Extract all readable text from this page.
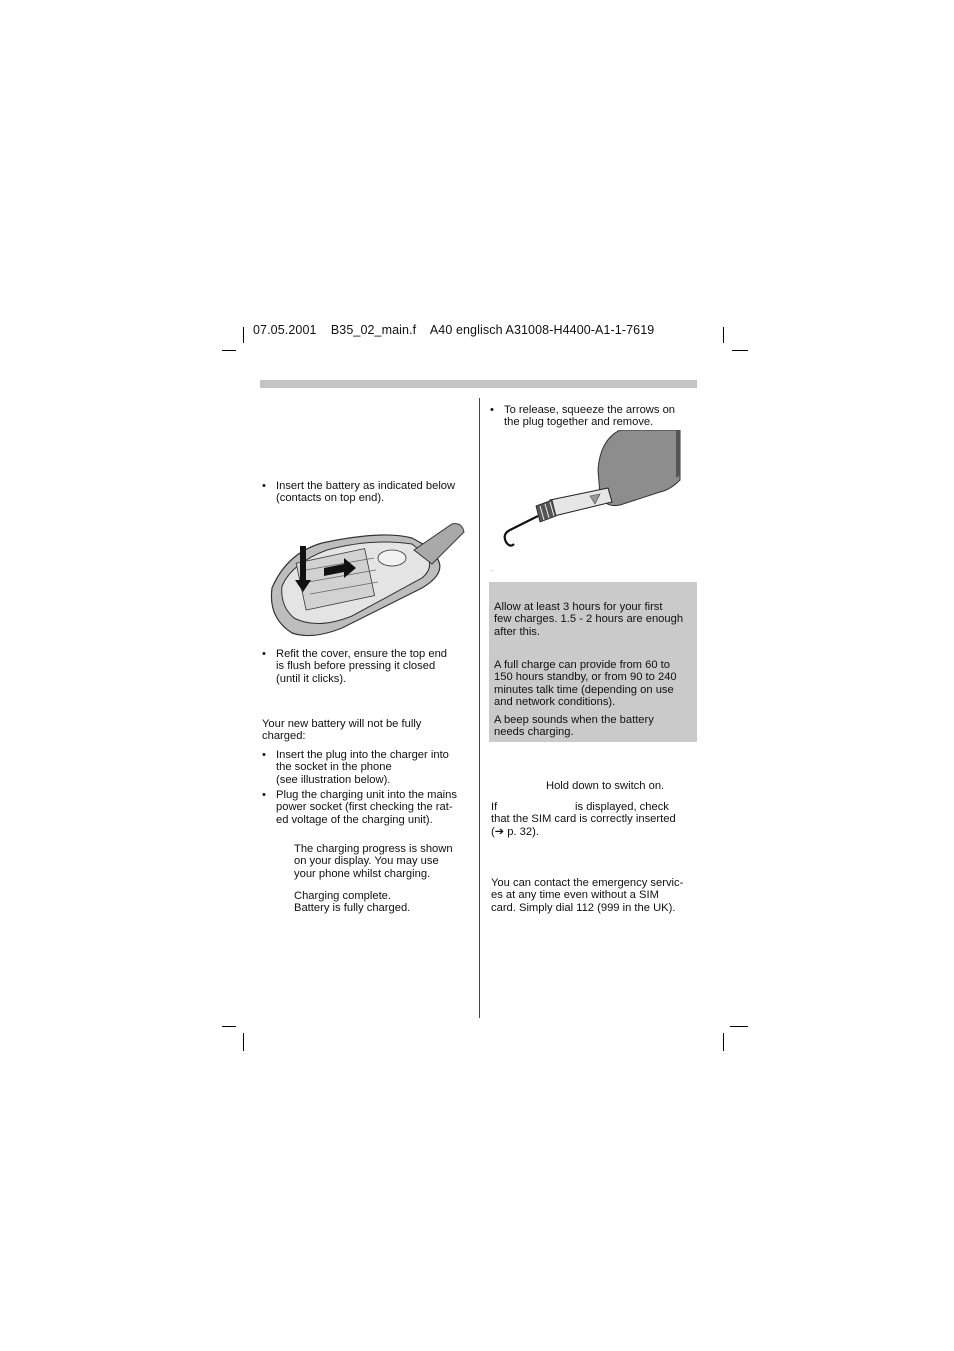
07.05.2001    B35_02_main.f    A40 englisch A31008-H4400-A1-1-7619
• Insert the battery as indicated below
(contacts on top end).
• Refit the cover, ensure the top end
is flush before pressing it closed
(until it clicks).
Your new battery will not be fully
charged:
• Insert the plug into the charger into
the socket in the phone
(see illustration below).
• Plug the charging unit into the mains
power socket (first checking the rat-
ed voltage of the charging unit).
The charging progress is shown
on your display. You may use
your phone whilst charging.
Charging complete.
Battery is fully charged.
• To release, squeeze the arrows on
the plug together and remove.
.
Allow at least 3 hours for your first
few charges. 1.5 - 2 hours are enough
after this.
A full charge can provide from 60 to
150 hours standby, or from 90 to 240
minutes talk time (depending on use
and network conditions).
A beep sounds when the battery
needs charging.
Hold down to switch on.
If	is displayed, check
that the SIM card is correctly inserted
(➔ p. 32).
You can contact the emergency servic-
es at any time even without a SIM
card. Simply dial 112 (999 in the UK).
